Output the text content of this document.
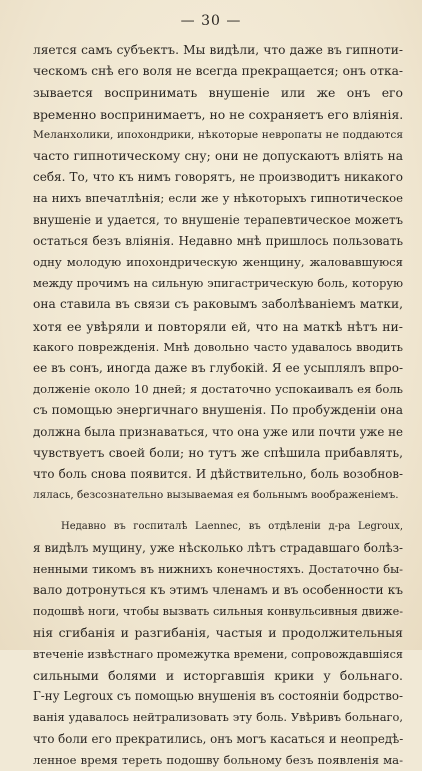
— 30 —
ляется самъ субъектъ. Мы видѣли, что даже въ гипноти-
ческомъ снѣ его воля не всегда прекращается; онъ отка-
зывается воспринимать внушеніе или же онъ его
временно воспринимаетъ, но не сохраняетъ его вліянія.
Меланхолики, ипохондрики, нѣкоторые невропаты не поддаются
часто гипнотическому сну; они не допускаютъ вліять на
себя. То, что къ нимъ говорятъ, не производитъ никакого
на нихъ впечатлѣнія; если же у нѣкоторыхъ гипнотическое
внушеніе и удается, то внушеніе терапевтическое можетъ
остаться безъ вліянія. Недавно мнѣ пришлось пользовать
одну молодую ипохондрическую женщину, жаловавшуюся
между прочимъ на сильную эпигастрическую боль, которую
она ставила въ связи съ раковымъ заболѣваніемъ матки,
хотя ее увѣряли и повторяли ей, что на маткѣ нѣтъ ни-
какого поврежденія. Мнѣ довольно часто удавалось вводить
ее въ сонъ, иногда даже въ глубокій. Я ее усыплялъ впро-
долженіе около 10 дней; я достаточно успокаивалъ ея боль
съ помощью энергичнаго внушенія. По пробужденіи она
должна была признаваться, что она уже или почти уже не
чувствуетъ своей боли; но тутъ же спѣшила прибавлять,
что боль снова появится. И дѣйствительно, боль возобнов-
лялась, безсознательно вызываемая ея больнымъ воображеніемъ.
Недавно въ госпиталѣ Laennec, въ отдѣленіи д-ра Legroux,
я видѣлъ мущину, уже нѣсколько лѣтъ страдавшаго болѣз-
ненными тикомъ въ нижнихъ конечностяхъ. Достаточно бы-
вало дотронуться къ этимъ членамъ и въ особенности къ
подошвѣ ноги, чтобы вызвать сильныя конвульсивныя движе-
нія сгибанія и разгибанія, частыя и продолжительныя
втеченіе извѣстнаго промежутка времени, сопровождавшіяся
сильными болями и исторгавшія крики у больнаго.
Г-ну Legroux съ помощью внушенія въ состояніи бодрство-
ванія удавалось нейтрализовать эту боль. Увѣривъ больнаго,
что боли его прекратились, онъ могъ касаться и неопредѣ-
ленное время тереть подошву больному безъ появленія ма-
